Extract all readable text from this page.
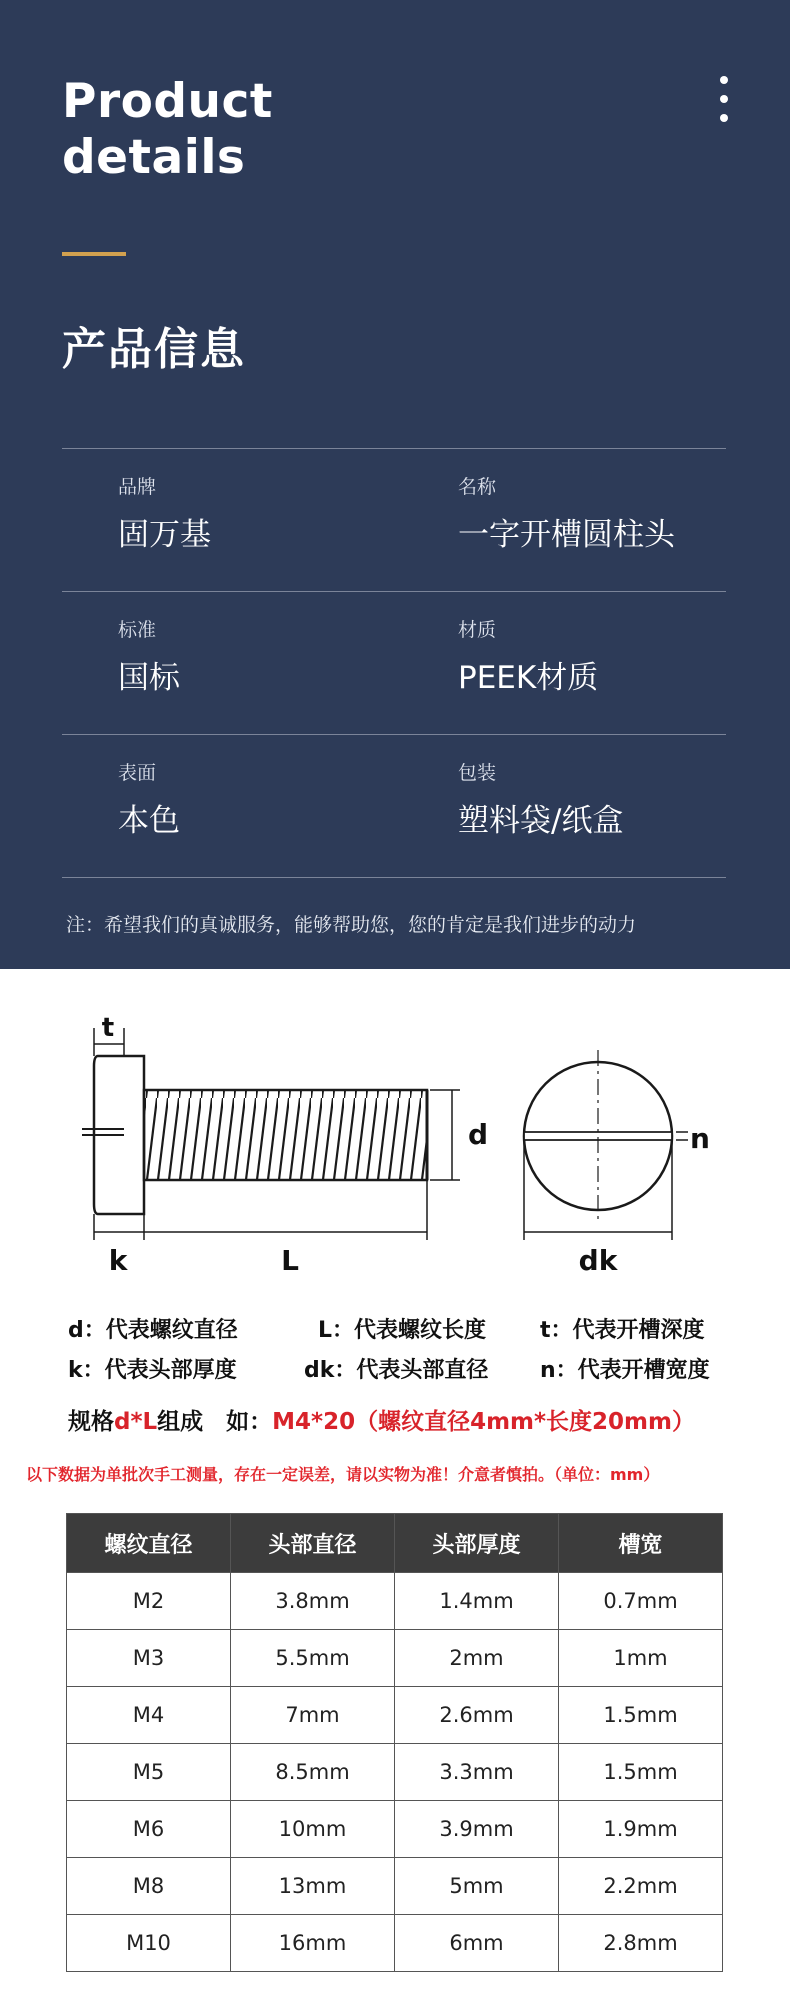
Product
details
产品信息
品牌
固万基
名称
一字开槽圆柱头
标准
国标
材质
PEEK材质
表面
本色
包装
塑料袋/纸盒
注：希望我们的真诚服务，能够帮助您，您的肯定是我们进步的动力
t
d
k	L
n
dk
d：代表螺纹直径	L：代表螺纹长度 t：代表开槽深度
k：代表头部厚度	dk：代表头部直径 n：代表开槽宽度
规格d*L组成　如：M4*20（螺纹直径4mm*长度20mm）
以下数据为单批次手工测量，存在一定误差，请以实物为准！介意者慎拍。（单位：mm）
螺纹直径	头部直径	头部厚度	槽宽
M2	3.8mm	1.4mm	0.7mm
M3	5.5mm	2mm	1mm
M4	7mm	2.6mm	1.5mm
M5	8.5mm	3.3mm	1.5mm
M6	10mm	3.9mm	1.9mm
M8	13mm	5mm	2.2mm
M10	16mm	6mm	2.8mm
